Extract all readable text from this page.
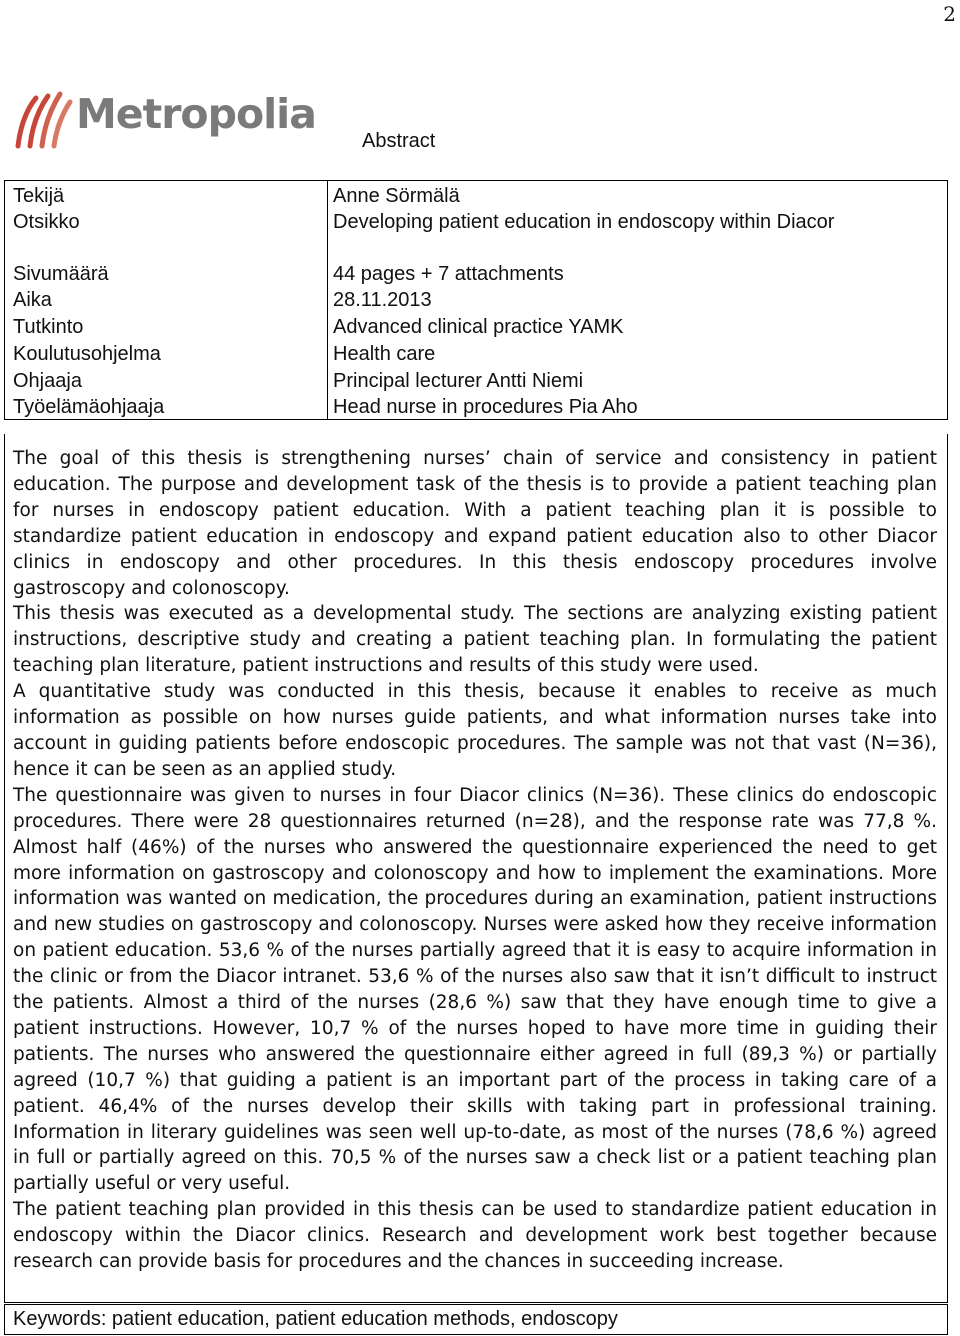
2
Metropolia
Abstract
Tekijä	Anne Sörmälä
Otsikko	Developing patient education in endoscopy within Diacor
Sivumäärä	44 pages + 7 attachments
Aika	28.11.2013
Tutkinto	Advanced clinical practice YAMK
Koulutusohjelma	Health care
Ohjaaja	Principal lecturer Antti Niemi
Työelämäohjaaja	Head nurse in procedures Pia Aho

The goal of this thesis is strengthening nurses’ chain of service and consistency in patient education. The purpose and development task of the thesis is to provide a patient teaching plan for nurses in endoscopy patient education. With a patient teaching plan it is possible to standardize patient education in endoscopy and expand patient education also to other Diacor clinics in endoscopy and other procedures. In this thesis endoscopy procedures involve gastroscopy and colonoscopy.

This thesis was executed as a developmental study. The sections are analyzing existing patient instructions, descriptive study and creating a patient teaching plan. In formulating the patient teaching plan literature, patient instructions and results of this study were used.

A quantitative study was conducted in this thesis, because it enables to receive as much information as possible on how nurses guide patients, and what information nurses take into account in guiding patients before endoscopic procedures. The sample was not that vast (N=36), hence it can be seen as an applied study.

The questionnaire was given to nurses in four Diacor clinics (N=36). These clinics do endoscopic procedures. There were 28 questionnaires returned (n=28), and the response rate was 77,8 %. Almost half (46%) of the nurses who answered the questionnaire experienced the need to get more information on gastroscopy and colonoscopy and how to implement the examinations. More information was wanted on medication, the procedures during an examination, patient instructions and new studies on gastroscopy and colonoscopy. Nurses were asked how they receive information on patient education. 53,6 % of the nurses partially agreed that it is easy to acquire information in the clinic or from the Diacor intranet. 53,6 % of the nurses also saw that it isn’t difficult to instruct the patients. Almost a third of the nurses (28,6 %) saw that they have enough time to give a patient instructions. However, 10,7 % of the nurses hoped to have more time in guiding their patients. The nurses who answered the questionnaire either agreed in full (89,3 %) or partially agreed (10,7 %) that guiding a patient is an important part of the process in taking care of a patient. 46,4% of the nurses develop their skills with taking part in professional training. Information in literary guidelines was seen well up-to-date, as most of the nurses (78,6 %) agreed in full or partially agreed on this. 70,5 % of the nurses saw a check list or a patient teaching plan partially useful or very useful.

The patient teaching plan provided in this thesis can be used to standardize patient education in endoscopy within the Diacor clinics. Research and development work best together because research can provide basis for procedures and the chances in succeeding increase.

Keywords: patient education, patient education methods, endoscopy
